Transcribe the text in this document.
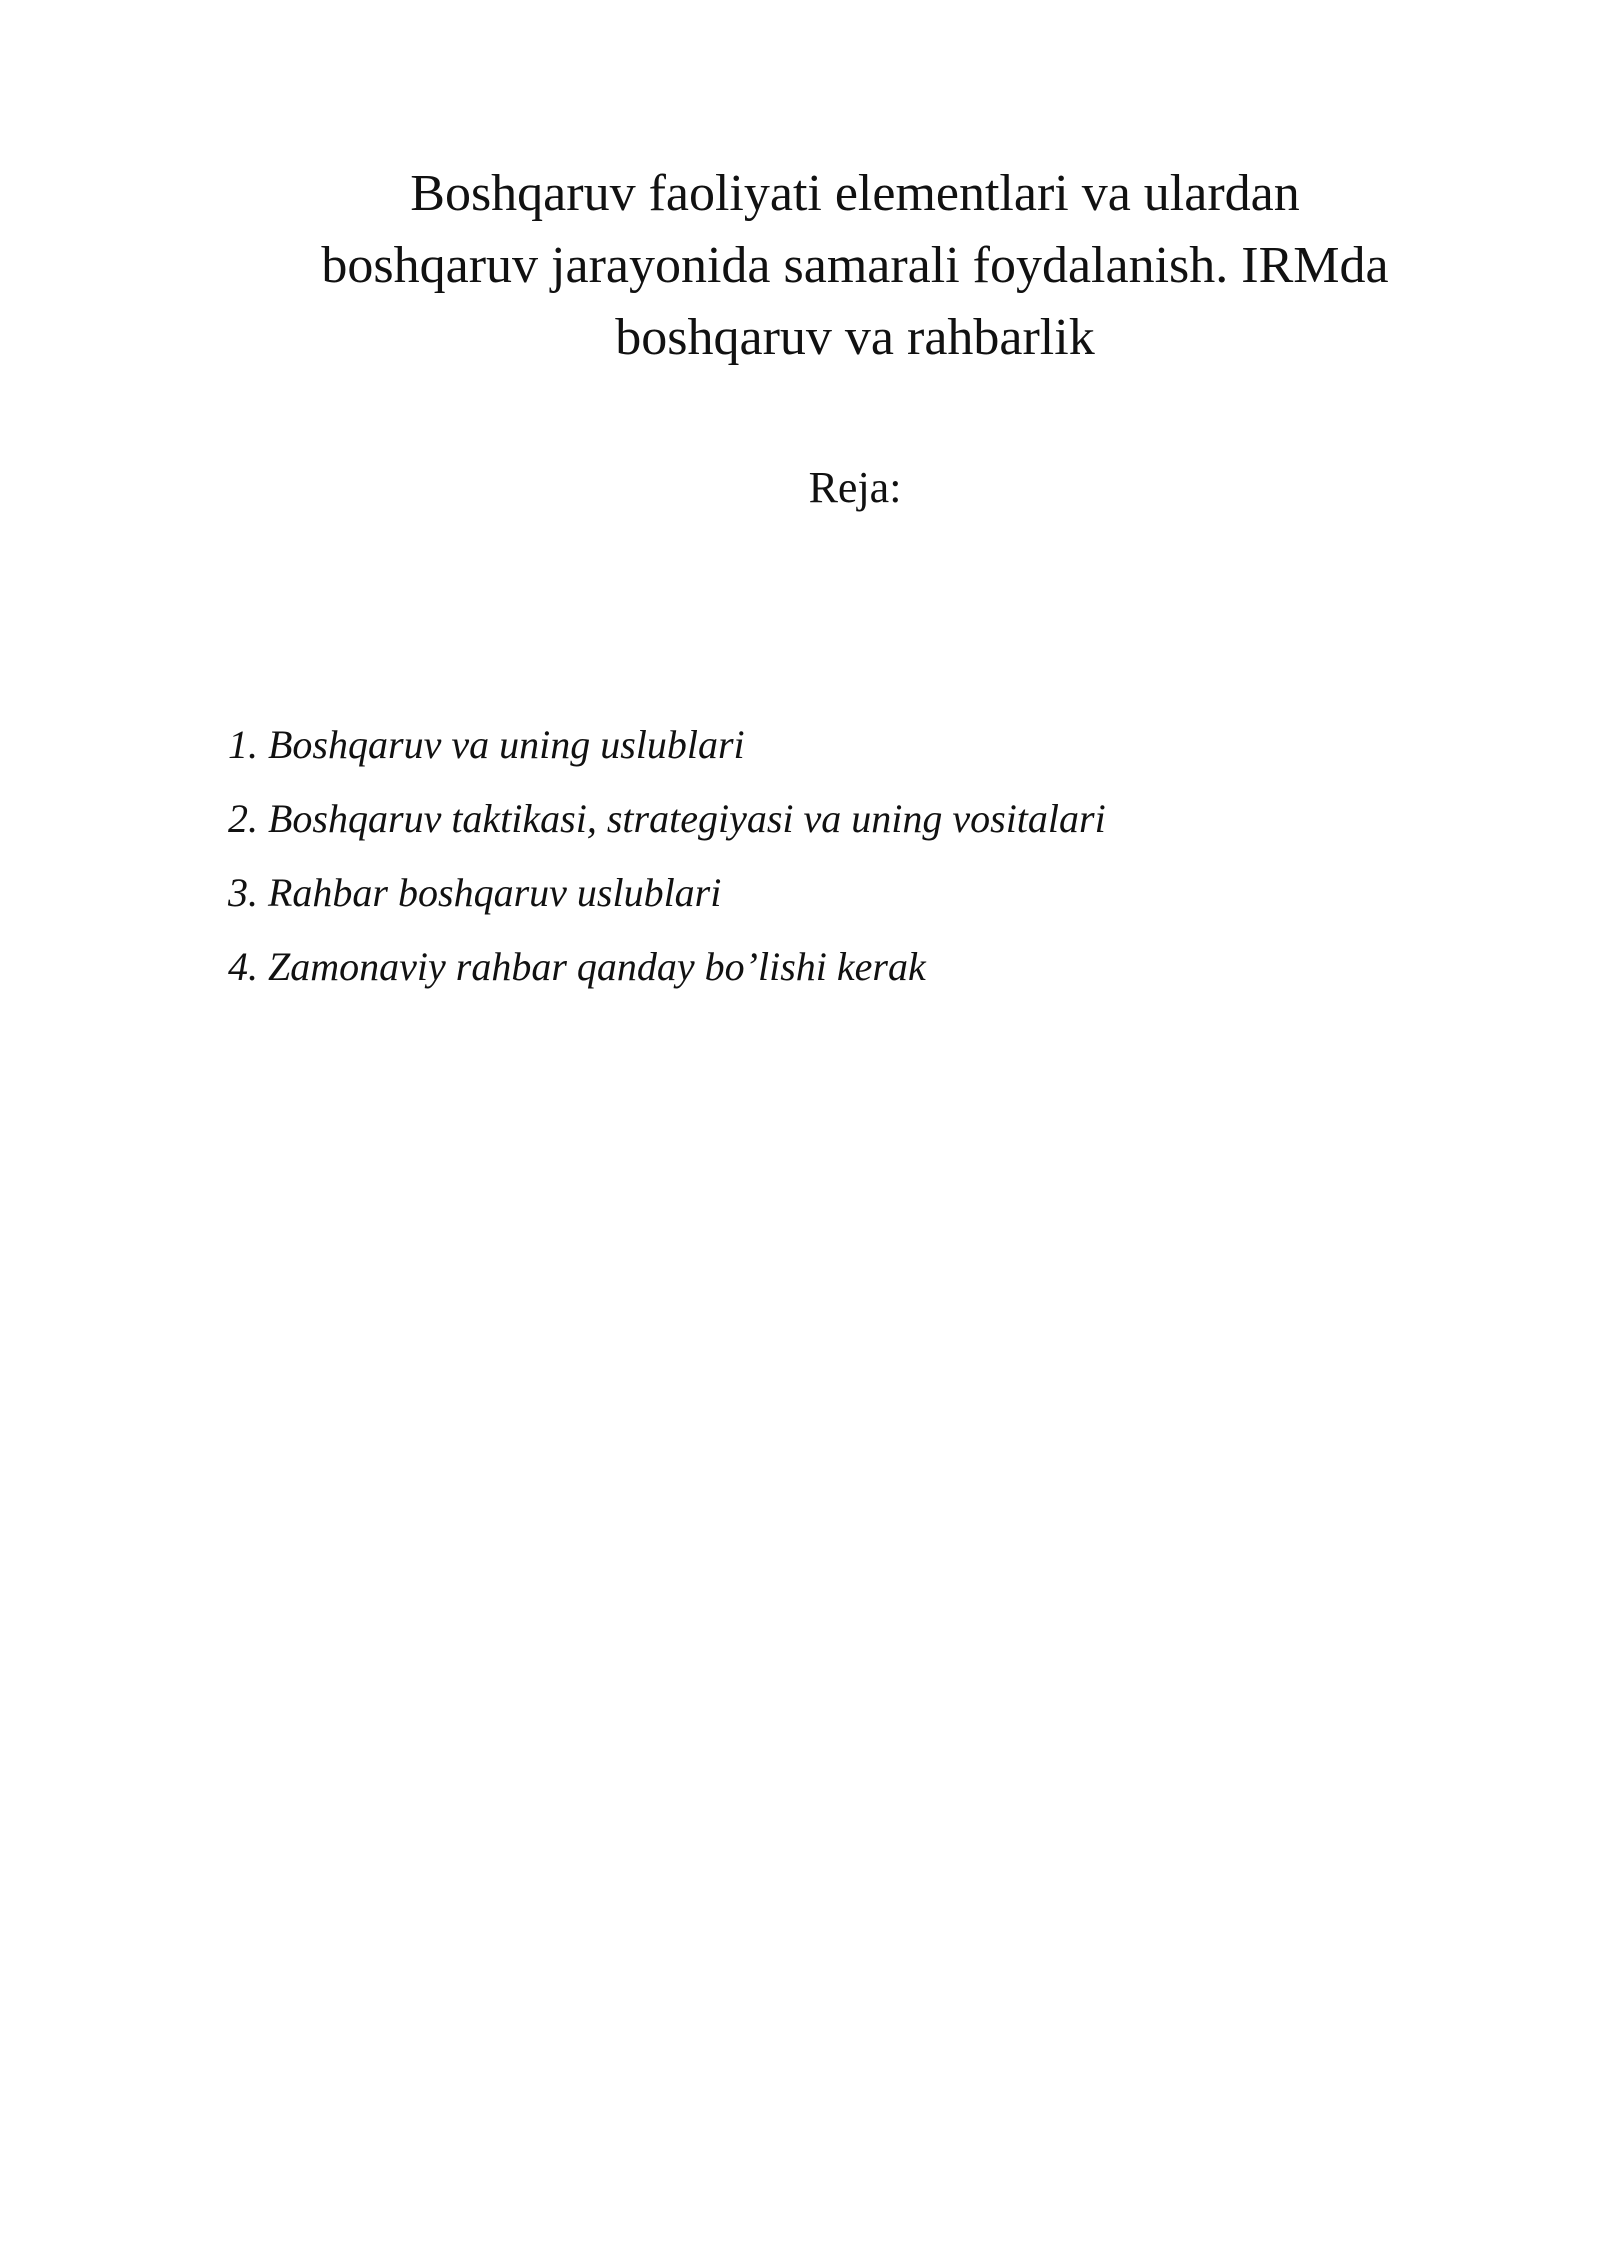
Boshqaruv faoliyati elementlari va ulardan
boshqaruv jarayonida samarali foydalanish. IRMda
boshqaruv va rahbarlik
Reja:
1. Boshqaruv va uning uslublari
2. Boshqaruv taktikasi, strategiyasi va uning vositalari
3. Rahbar boshqaruv uslublari
4. Zamonaviy rahbar qanday bo’lishi kerak
